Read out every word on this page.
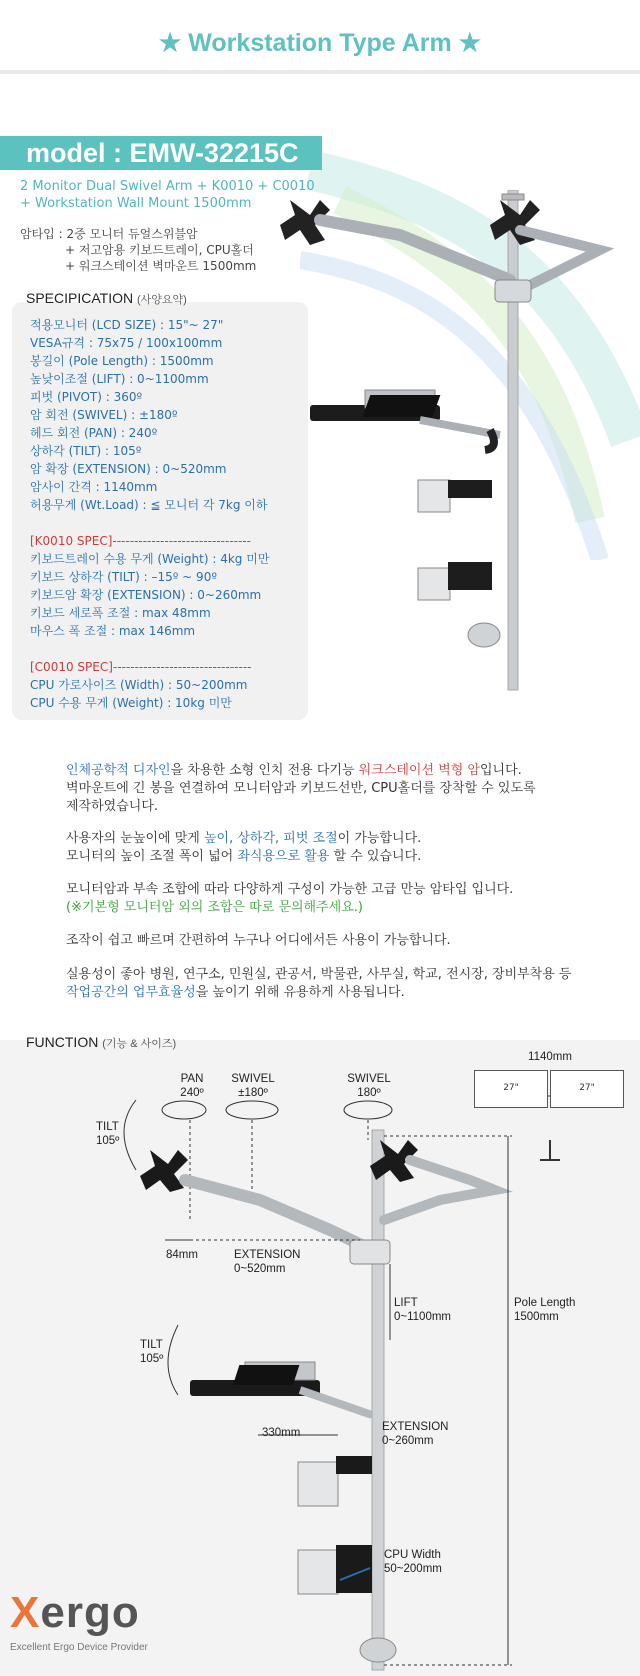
★ Workstation Type Arm ★
model : EMW-32215C
2 Monitor Dual Swivel Arm + K0010 + C0010
+ Workstation Wall Mount 1500mm
암타입 : 2중 모니터 듀얼스위블암
+ 저고암용 키보드트레이, CPU홀더
+ 워크스테이션 벽마운트 1500mm
SPECIPICATION (사양요약)
적용모니터 (LCD SIZE) : 15"~ 27"
VESA규격 : 75x75 / 100x100mm
봉길이 (Pole Length) : 1500mm
높낮이조절 (LIFT) : 0~1100mm
피벗 (PIVOT) : 360º
암 회전 (SWIVEL) : ±180º
헤드 회전 (PAN) : 240º
상하각 (TILT) : 105º
암 확장 (EXTENSION) : 0~520mm
암사이 간격 : 1140mm
허용무게 (Wt.Load) : ≦ 모니터 각 7kg 이하
[K0010 SPEC]--------------------------------
키보드트레이 수용 무게 (Weight) : 4kg 미만
키보드 상하각 (TILT) : –15º ~ 90º
키보드암 확장 (EXTENSION) : 0~260mm
키보드 세로폭 조절 : max 48mm
마우스 폭 조절 : max 146mm
[C0010 SPEC]--------------------------------
CPU 가로사이즈 (Width) : 50~200mm
CPU 수용 무게 (Weight) : 10kg 미만
인체공학적 디자인을 차용한 소형 인치 전용 다기능 워크스테이션 벽형 암입니다.
벽마운트에 긴 봉을 연결하여 모니터암과 키보드선반, CPU홀더를 장착할 수 있도록
제작하였습니다.
사용자의 눈높이에 맞게 높이, 상하각, 피벗 조절이 가능합니다.
모니터의 높이 조절 폭이 넓어 좌식용으로 활용 할 수 있습니다.
모니터암과 부속 조합에 따라 다양하게 구성이 가능한 고급 만능 암타입 입니다.
(※기본형 모니터암 외의 조합은 따로 문의해주세요.)
조작이 쉽고 빠르며 간편하여 누구나 어디에서든 사용이 가능합니다.
실용성이 좋아 병원, 연구소, 민원실, 관공서, 박물관, 사무실, 학교, 전시장, 장비부착용 등
작업공간의 업무효율성을 높이기 위해 유용하게 사용됩니다.
FUNCTION (기능 & 사이즈)
PAN
240º
SWIVEL
±180º
SWIVEL
180º
TILT
105º
84mm	EXTENSION
0~520mm
LIFT
0~1100mm
Pole Length
1500mm
TILT
105º
330mm	EXTENSION
0~260mm
CPU Width
50~200mm
1140mm
27"	27"
Xergo
Excellent Ergo Device Provider
